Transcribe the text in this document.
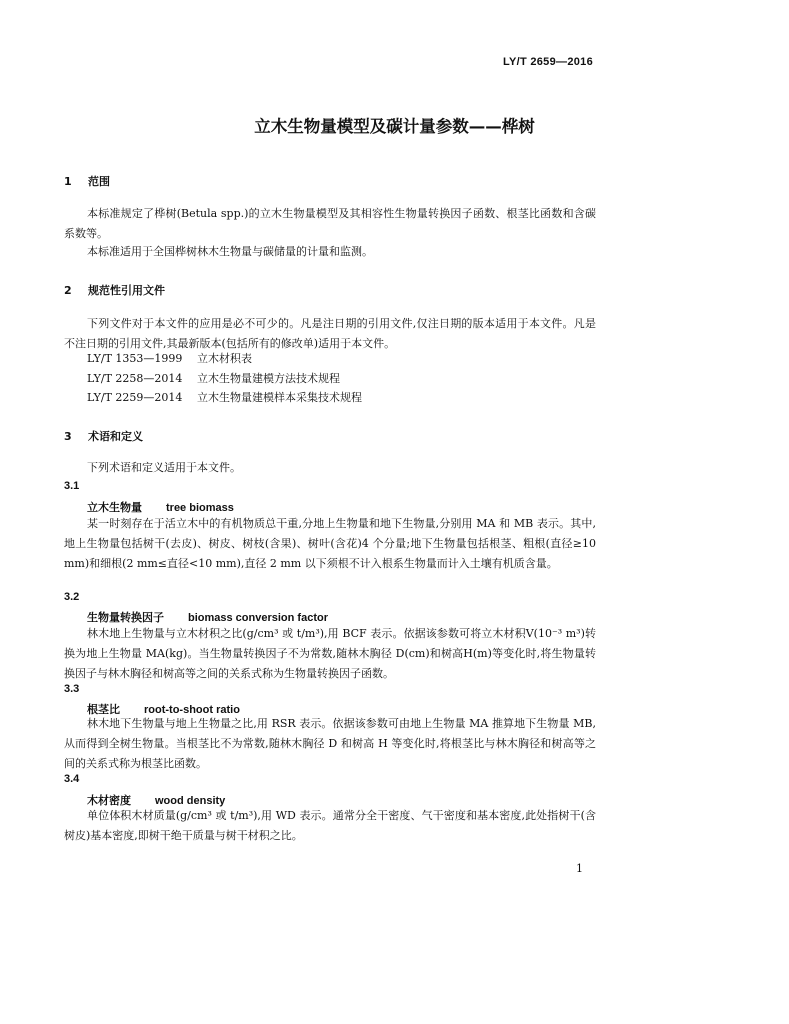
LY/T 2659—2016
立木生物量模型及碳计量参数——桦树
1 范围
本标准规定了桦树(Betula spp.)的立木生物量模型及其相容性生物量转换因子函数、根茎比函数和含碳系数等。
本标准适用于全国桦树林木生物量与碳储量的计量和监测。
2 规范性引用文件
下列文件对于本文件的应用是必不可少的。凡是注日期的引用文件,仅注日期的版本适用于本文件。凡是不注日期的引用文件,其最新版本(包括所有的修改单)适用于本文件。
LY/T 1353—1999 立木材积表
LY/T 2258—2014 立木生物量建模方法技术规程
LY/T 2259—2014 立木生物量建模样本采集技术规程
3 术语和定义
下列术语和定义适用于本文件。
3.1
立木生物量 tree biomass
某一时刻存在于活立木中的有机物质总干重,分地上生物量和地下生物量,分别用 MA 和 MB 表示。其中,地上生物量包括树干(去皮)、树皮、树枝(含果)、树叶(含花)4 个分量;地下生物量包括根茎、粗根(直径≥10 mm)和细根(2 mm≤直径<10 mm),直径 2 mm 以下须根不计入根系生物量而计入土壤有机质含量。
3.2
生物量转换因子 biomass conversion factor
林木地上生物量与立木材积之比(g/cm³ 或 t/m³),用 BCF 表示。依据该参数可将立木材积V(10⁻³ m³)转换为地上生物量 MA(kg)。当生物量转换因子不为常数,随林木胸径 D(cm)和树高H(m)等变化时,将生物量转换因子与林木胸径和树高等之间的关系式称为生物量转换因子函数。
3.3
根茎比 root-to-shoot ratio
林木地下生物量与地上生物量之比,用 RSR 表示。依据该参数可由地上生物量 MA 推算地下生物量 MB,从而得到全树生物量。当根茎比不为常数,随林木胸径 D 和树高 H 等变化时,将根茎比与林木胸径和树高等之间的关系式称为根茎比函数。
3.4
木材密度 wood density
单位体积木材质量(g/cm³ 或 t/m³),用 WD 表示。通常分全干密度、气干密度和基本密度,此处指树干(含树皮)基本密度,即树干绝干质量与树干材积之比。
1
